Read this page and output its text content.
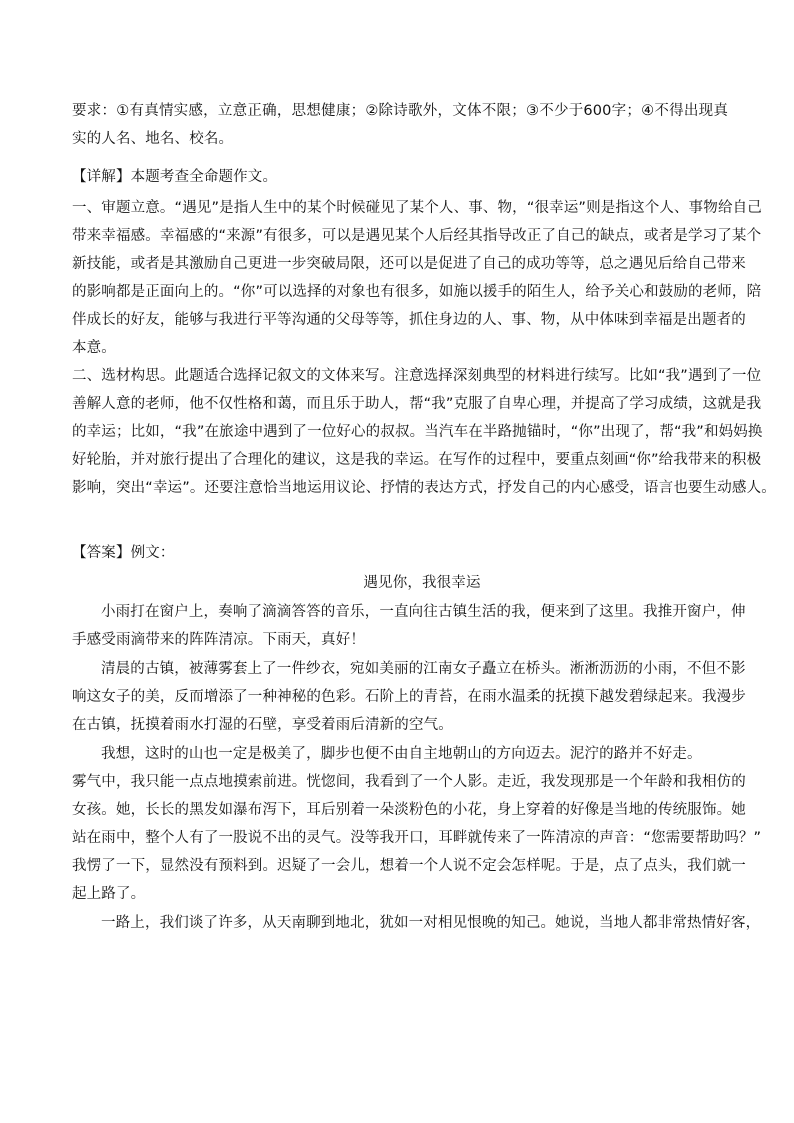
要求：①有真情实感，立意正确，思想健康；②除诗歌外，文体不限；③不少于600字；④不得出现真
实的人名、地名、校名。
【详解】本题考查全命题作文。
一、审题立意。“遇见”是指人生中的某个时候碰见了某个人、事、物，“很幸运”则是指这个人、事物给自己
带来幸福感。幸福感的“来源”有很多，可以是遇见某个人后经其指导改正了自己的缺点，或者是学习了某个
新技能，或者是其激励自己更进一步突破局限，还可以是促进了自己的成功等等，总之遇见后给自己带来
的影响都是正面向上的。“你”可以选择的对象也有很多，如施以援手的陌生人，给予关心和鼓励的老师，陪
伴成长的好友，能够与我进行平等沟通的父母等等，抓住身边的人、事、物，从中体味到幸福是出题者的
本意。
二、选材构思。此题适合选择记叙文的文体来写。注意选择深刻典型的材料进行续写。比如“我”遇到了一位
善解人意的老师，他不仅性格和蔼，而且乐于助人，帮“我”克服了自卑心理，并提高了学习成绩，这就是我
的幸运；比如，“我”在旅途中遇到了一位好心的叔叔。当汽车在半路抛锚时，“你”出现了，帮“我”和妈妈换
好轮胎，并对旅行提出了合理化的建议，这是我的幸运。在写作的过程中，要重点刻画“你”给我带来的积极
影响，突出“幸运”。还要注意恰当地运用议论、抒情的表达方式，抒发自己的内心感受，语言也要生动感人。
【答案】例文：
遇见你，我很幸运
小雨打在窗户上，奏响了滴滴答答的音乐，一直向往古镇生活的我，便来到了这里。我推开窗户，伸
手感受雨滴带来的阵阵清凉。下雨天，真好！
清晨的古镇，被薄雾套上了一件纱衣，宛如美丽的江南女子矗立在桥头。淅淅沥沥的小雨，不但不影
响这女子的美，反而增添了一种神秘的色彩。石阶上的青苔，在雨水温柔的抚摸下越发碧绿起来。我漫步
在古镇，抚摸着雨水打湿的石壁，享受着雨后清新的空气。
我想，这时的山也一定是极美了，脚步也便不由自主地朝山的方向迈去。泥泞的路并不好走。
雾气中，我只能一点点地摸索前进。恍惚间，我看到了一个人影。走近，我发现那是一个年龄和我相仿的
女孩。她，长长的黑发如瀑布泻下，耳后别着一朵淡粉色的小花，身上穿着的好像是当地的传统服饰。她
站在雨中，整个人有了一股说不出的灵气。没等我开口，耳畔就传来了一阵清凉的声音：“您需要帮助吗？”
我愣了一下，显然没有预料到。迟疑了一会儿，想着一个人说不定会怎样呢。于是，点了点头，我们就一
起上路了。
一路上，我们谈了许多，从天南聊到地北，犹如一对相见恨晚的知己。她说，当地人都非常热情好客，
